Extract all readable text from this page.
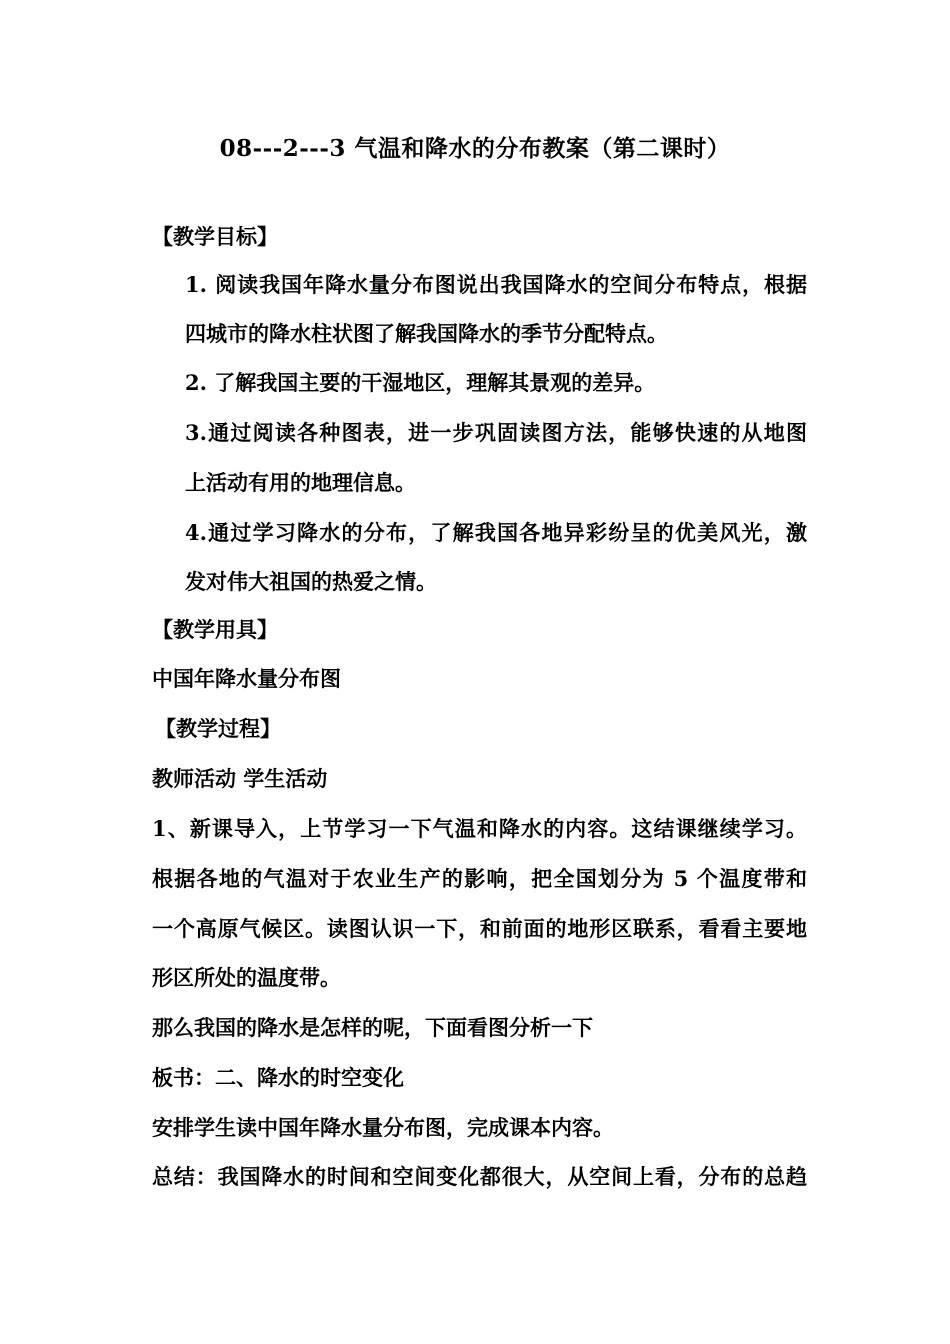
08---2---3 气温和降水的分布教案（第二课时）
【教学目标】
1. 阅读我国年降水量分布图说出我国降水的空间分布特点，根据
四城市的降水柱状图了解我国降水的季节分配特点。
2. 了解我国主要的干湿地区，理解其景观的差异。
3.通过阅读各种图表，进一步巩固读图方法，能够快速的从地图
上活动有用的地理信息。
4.通过学习降水的分布，了解我国各地异彩纷呈的优美风光，激
发对伟大祖国的热爱之情。
【教学用具】
中国年降水量分布图
【教学过程】
教师活动 学生活动
1、新课导入，上节学习一下气温和降水的内容。这结课继续学习。
根据各地的气温对于农业生产的影响，把全国划分为 5 个温度带和
一个高原气候区。读图认识一下，和前面的地形区联系，看看主要地
形区所处的温度带。
那么我国的降水是怎样的呢，下面看图分析一下
板书：二、降水的时空变化
安排学生读中国年降水量分布图，完成课本内容。
总结：我国降水的时间和空间变化都很大，从空间上看，分布的总趋
